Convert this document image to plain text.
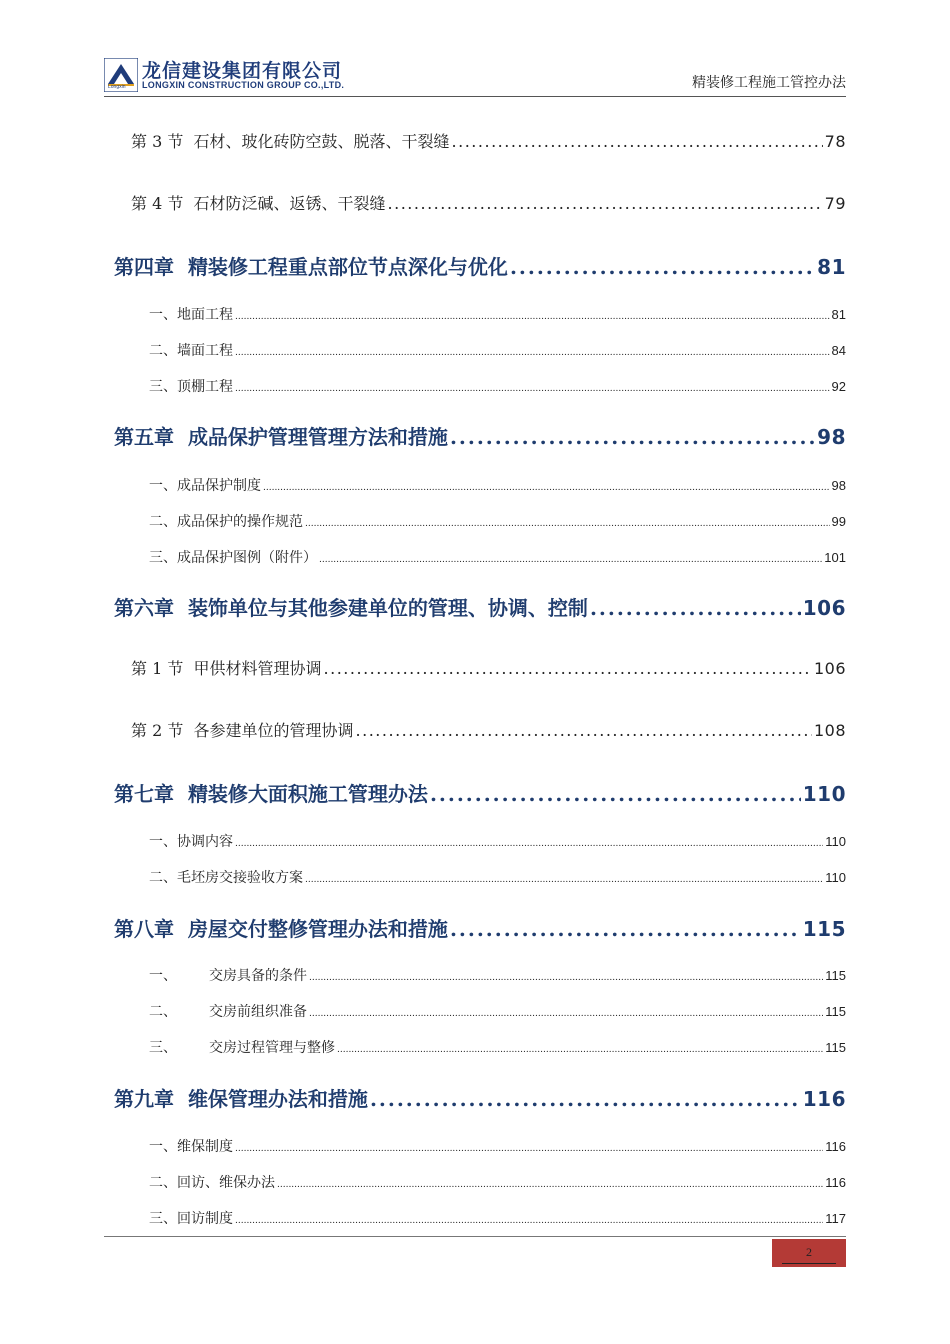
Longxin
龙信建设集团有限公司
LONGXIN CONSTRUCTION GROUP CO.,LTD.	精装修工程施工管控办法
第 3 节 石材、玻化砖防空鼓、脱落、干裂缝 .....	78
第 4 节 石材防泛碱、返锈、干裂缝 .....	79
第四章 精装修工程重点部位节点深化与优化 .....	81
一、地面工程 .....	81
二、墙面工程 .....	84
三、顶棚工程 .....	92
第五章 成品保护管理管理方法和措施 .....	98
一、成品保护制度 .....	98
二、成品保护的操作规范 .....	99
三、成品保护图例（附件） .....	101
第六章 装饰单位与其他参建单位的管理、协调、控制 .....	106
第 1 节 甲供材料管理协调 .....	106
第 2 节 各参建单位的管理协调 .....	108
第七章 精装修大面积施工管理办法 .....	110
一、协调内容 .....	110
二、毛坯房交接验收方案 .....	110
第八章 房屋交付整修管理办法和措施 .....	115
一、 交房具备的条件 .....	115
二、 交房前组织准备 .....	115
三、 交房过程管理与整修 .....	115
第九章 维保管理办法和措施 .....	116
一、维保制度 .....	116
二、回访、维保办法 .....	116
三、回访制度 .....	117
2
